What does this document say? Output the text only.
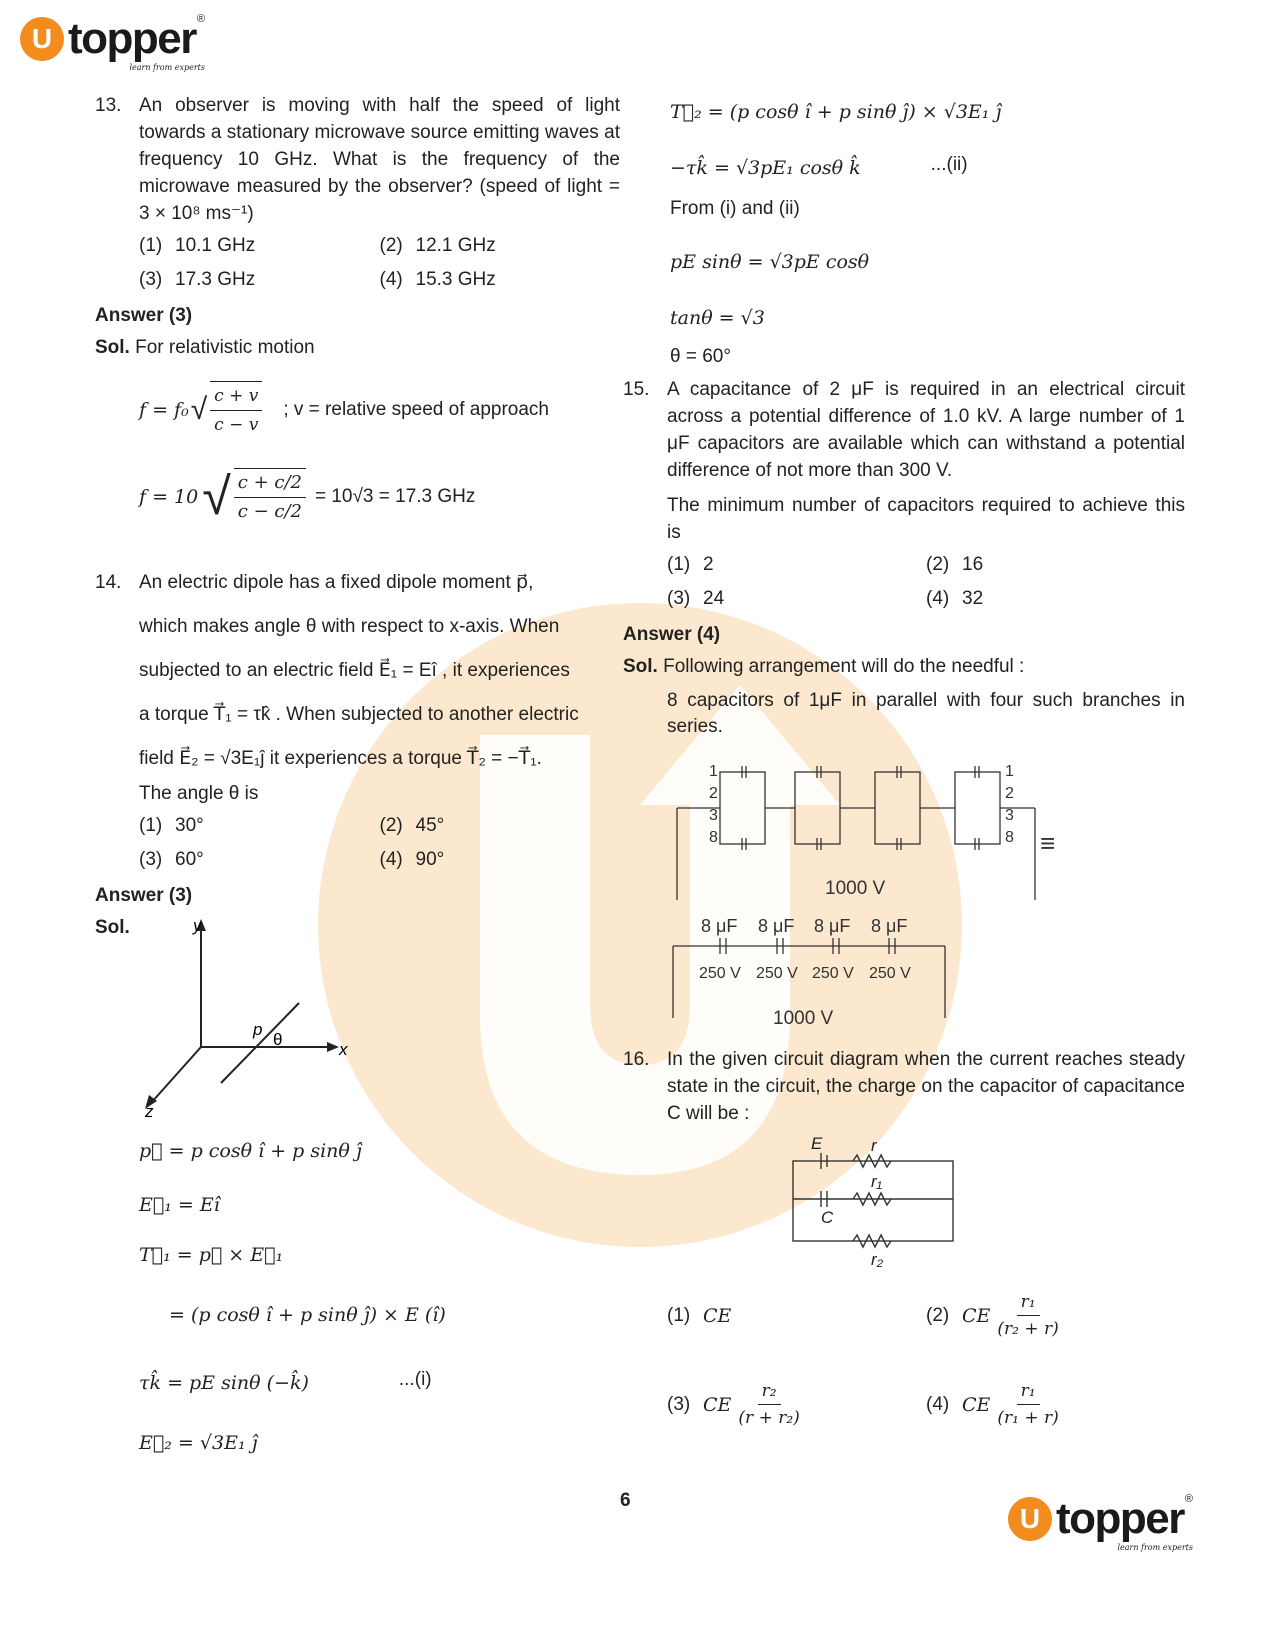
U topper ®
learn from experts
13. An observer is moving with half the speed of light towards a stationary microwave source emitting waves at frequency 10 GHz. What is the frequency of the microwave measured by the observer? (speed of light = 3 × 10⁸ ms⁻¹)
(1) 10.1 GHz	(2) 12.1 GHz
(3) 17.3 GHz	(4) 15.3 GHz
Answer (3)
Sol. For relativistic motion
f = f₀ √ $\frac{c + v}{c - v}$ ; v = relative speed of approach
f = 10 √ $\frac{c + c/2}{c - c/2} = 10√3 = 17.3$ GHz
14. An electric dipole has a fixed dipole moment p⃗,
which makes angle θ with respect to x-axis. When
subjected to an electric field E⃗₁ = Eî , it experiences
a torque T⃗₁ = τk̂ . When subjected to another electric
field E⃗₂ = √3E₁ĵ it experiences a torque T⃗₂ = −T⃗₁.
The angle θ is
(1) 30°	(2) 45°
(3) 60°	(4) 90°
Answer (3)
Sol.	y
x
z
p
θ
p⃗ = p cosθ î + p sinθ ĵ
E⃗₁ = Eî
T⃗₁ = p⃗ × E⃗₁
= (p cosθ î + p sinθ ĵ) × E (î)
τk̂ = pE sinθ (−k̂)	...(i)
E⃗₂ = √3E₁ ĵ
T⃗₂ = (p cosθ î + p sinθ ĵ) × √3E₁ ĵ
−τk̂ = √3pE₁ cosθ k̂	...(ii)
From (i) and (ii)
pE sinθ = √3pE cosθ
tanθ = √3
θ = 60°
15. A capacitance of 2 μF is required in an electrical circuit across a potential difference of 1.0 kV. A large number of 1 μF capacitors are available which can withstand a potential difference of not more than 300 V.
The minimum number of capacitors required to achieve this is
(1) 2	(2) 16
(3) 24	(4) 32
Answer (4)
Sol. Following arrangement will do the needful :
8 capacitors of 1μF in parallel with four such branches in series.
1
2
3
8
1
2
3
8
1000 V
≡
8 μF 8 μF 8 μF 8 μF
250 V 250 V 250 V 250 V
1000 V
16. In the given circuit diagram when the current reaches steady state in the circuit, the charge on the capacitor of capacitance C will be :
E	r
r₁
C
r₂
(1) CE	(2) CE $\frac{\text{r₁}}{\text{(r₂ + r)}}$
(3) CE $\frac{\text{r₂}}{\text{(r + r₂)}}$	(4) CE $\frac{\text{r₁}}{\text{(r₁ + r)}}$
6
U topper ®
learn from experts
